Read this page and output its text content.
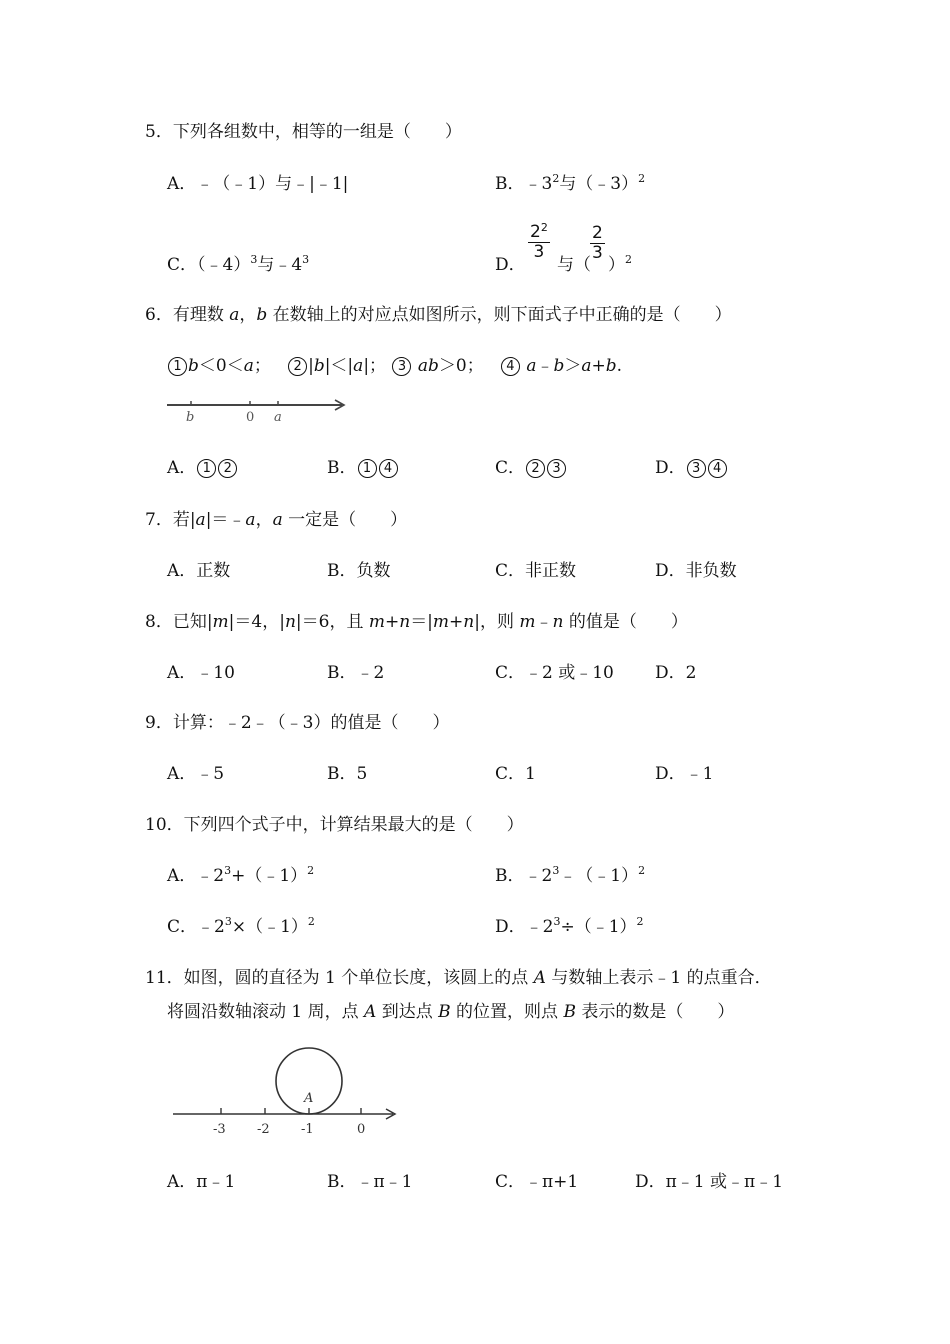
5．下列各组数中，相等的一组是（　　）
A．﹣（﹣1）与﹣|﹣1|	B．$﹣3^2$与（﹣3）$^2$
C．（﹣4）$^3$与$﹣4^3$	D．
$\frac{2^2}{3}$
与（
$\frac{2}{3}$
）$^2$
6．有理数 a，b 在数轴上的对应点如图所示，则下面式子中正确的是（　　）
1 b＜0＜a； 2 |b|＜|a|； 3 ab＞0； 4 a﹣b＞a+b.
b	0 a
A． 1 2	B． 1 4	C． 2 3	D． 3 4
7．若|a|＝﹣a，a 一定是（　　）
A．正数	B．负数	C．非正数	D．非负数
8．已知|m|＝4，|n|＝6，且 m+n＝|m+n|，则 m﹣n 的值是（　　）
A．﹣10	B．﹣2	C．﹣2 或﹣10 D．2
9．计算：﹣2﹣（﹣3）的值是（　　）
A．﹣5	B．5	C．1	D．﹣1
10．下列四个式子中，计算结果最大的是（　　）
A．$﹣2^3+(﹣1)^2$	B．$﹣2^3﹣(﹣1)^2$
C．$﹣2^3\times(﹣1)^2$	D．$﹣2^3\div(﹣1)^2$
11．如图，圆的直径为 1 个单位长度，该圆上的点 A 与数轴上表示﹣1 的点重合．
将圆沿数轴滚动 1 周，点 A 到达点 B 的位置，则点 B 表示的数是（　　）
A
-3 -2 -1	0
A．π﹣1	B．﹣π﹣1	C．﹣π+1	D．π﹣1 或﹣π﹣1
